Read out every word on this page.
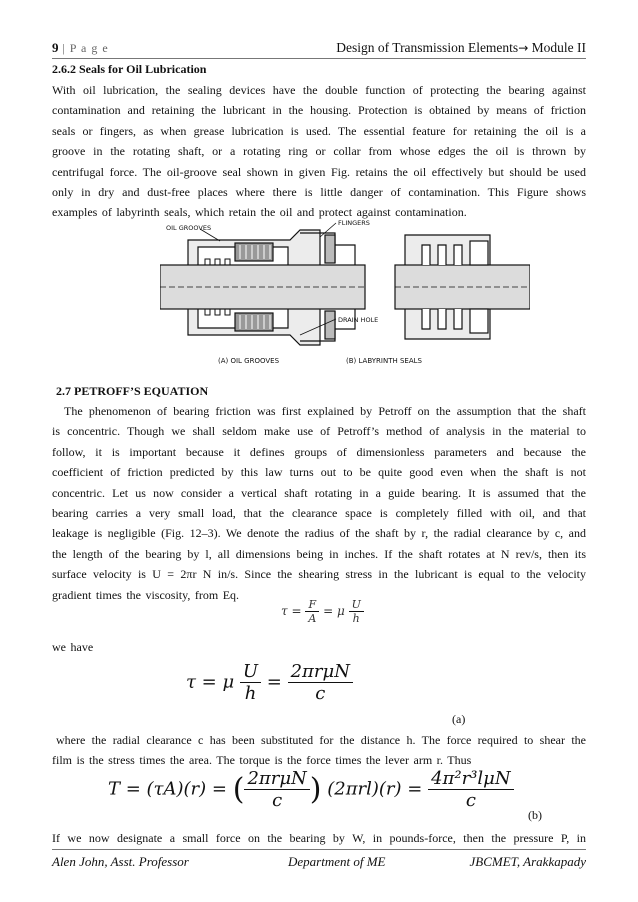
9 | P a g e	Design of Transmission Elements→ Module II
2.6.2 Seals for Oil Lubrication
With oil lubrication, the sealing devices have the double function of protecting the bearing against
contamination and retaining the lubricant in the housing. Protection is obtained by means of friction
seals or fingers, as when grease lubrication is used. The essential feature for retaining the oil is a
groove in the rotating shaft, or a rotating ring or collar from whose edges the oil is thrown by
centrifugal force. The oil-groove seal shown in given Fig. retains the oil effectively but should be used
only in dry and dust-free places where there is little danger of contamination. This Figure shows
examples of labyrinth seals, which retain the oil and protect against contamination.
OIL GROOVES
FLINGERS
DRAIN HOLE
(A) OIL GROOVES	(B) LABYRINTH SEALS
2.7 PETROFF’S EQUATION
The phenomenon of bearing friction was first explained by Petroff on the assumption that the shaft
is concentric. Though we shall seldom make use of Petroff’s method of analysis in the material to
follow, it is important because it defines groups of dimensionless parameters and because the
coefficient of friction predicted by this law turns out to be quite good even when the shaft is not
concentric. Let us now consider a vertical shaft rotating in a guide bearing. It is assumed that the
bearing carries a very small load, that the clearance space is completely filled with oil, and that
leakage is negligible (Fig. 12–3). We denote the radius of the shaft by r, the radial clearance by c, and
the length of the bearing by l, all dimensions being in inches. If the shaft rotates at N rev/s, then its
surface velocity is U = 2πr N in/s. Since the shearing stress in the lubricant is equal to the velocity
gradient times the viscosity, from Eq.
$\tau = \frac{F}{A} = \mu \frac{U}{h}$
we have
τ = μ $\frac{U}{h} = \frac{\text{2πrμN}}{c}$
(a)
where the radial clearance c has been substituted for the distance h. The force required to shear the
film is the stress times the area. The torque is the force times the lever arm r. Thus
T = (τA)(r) = ( $\frac{\text{2πrμN}}{c}$ ) $(2\pi rl)(r) = \frac{\text{4π²r³lμN}}{c}$
(b)
If we now designate a small force on the bearing by W, in pounds-force, then the pressure P, in
Alen John, Asst. Professor	Department of ME	JBCMET, Arakkapady
